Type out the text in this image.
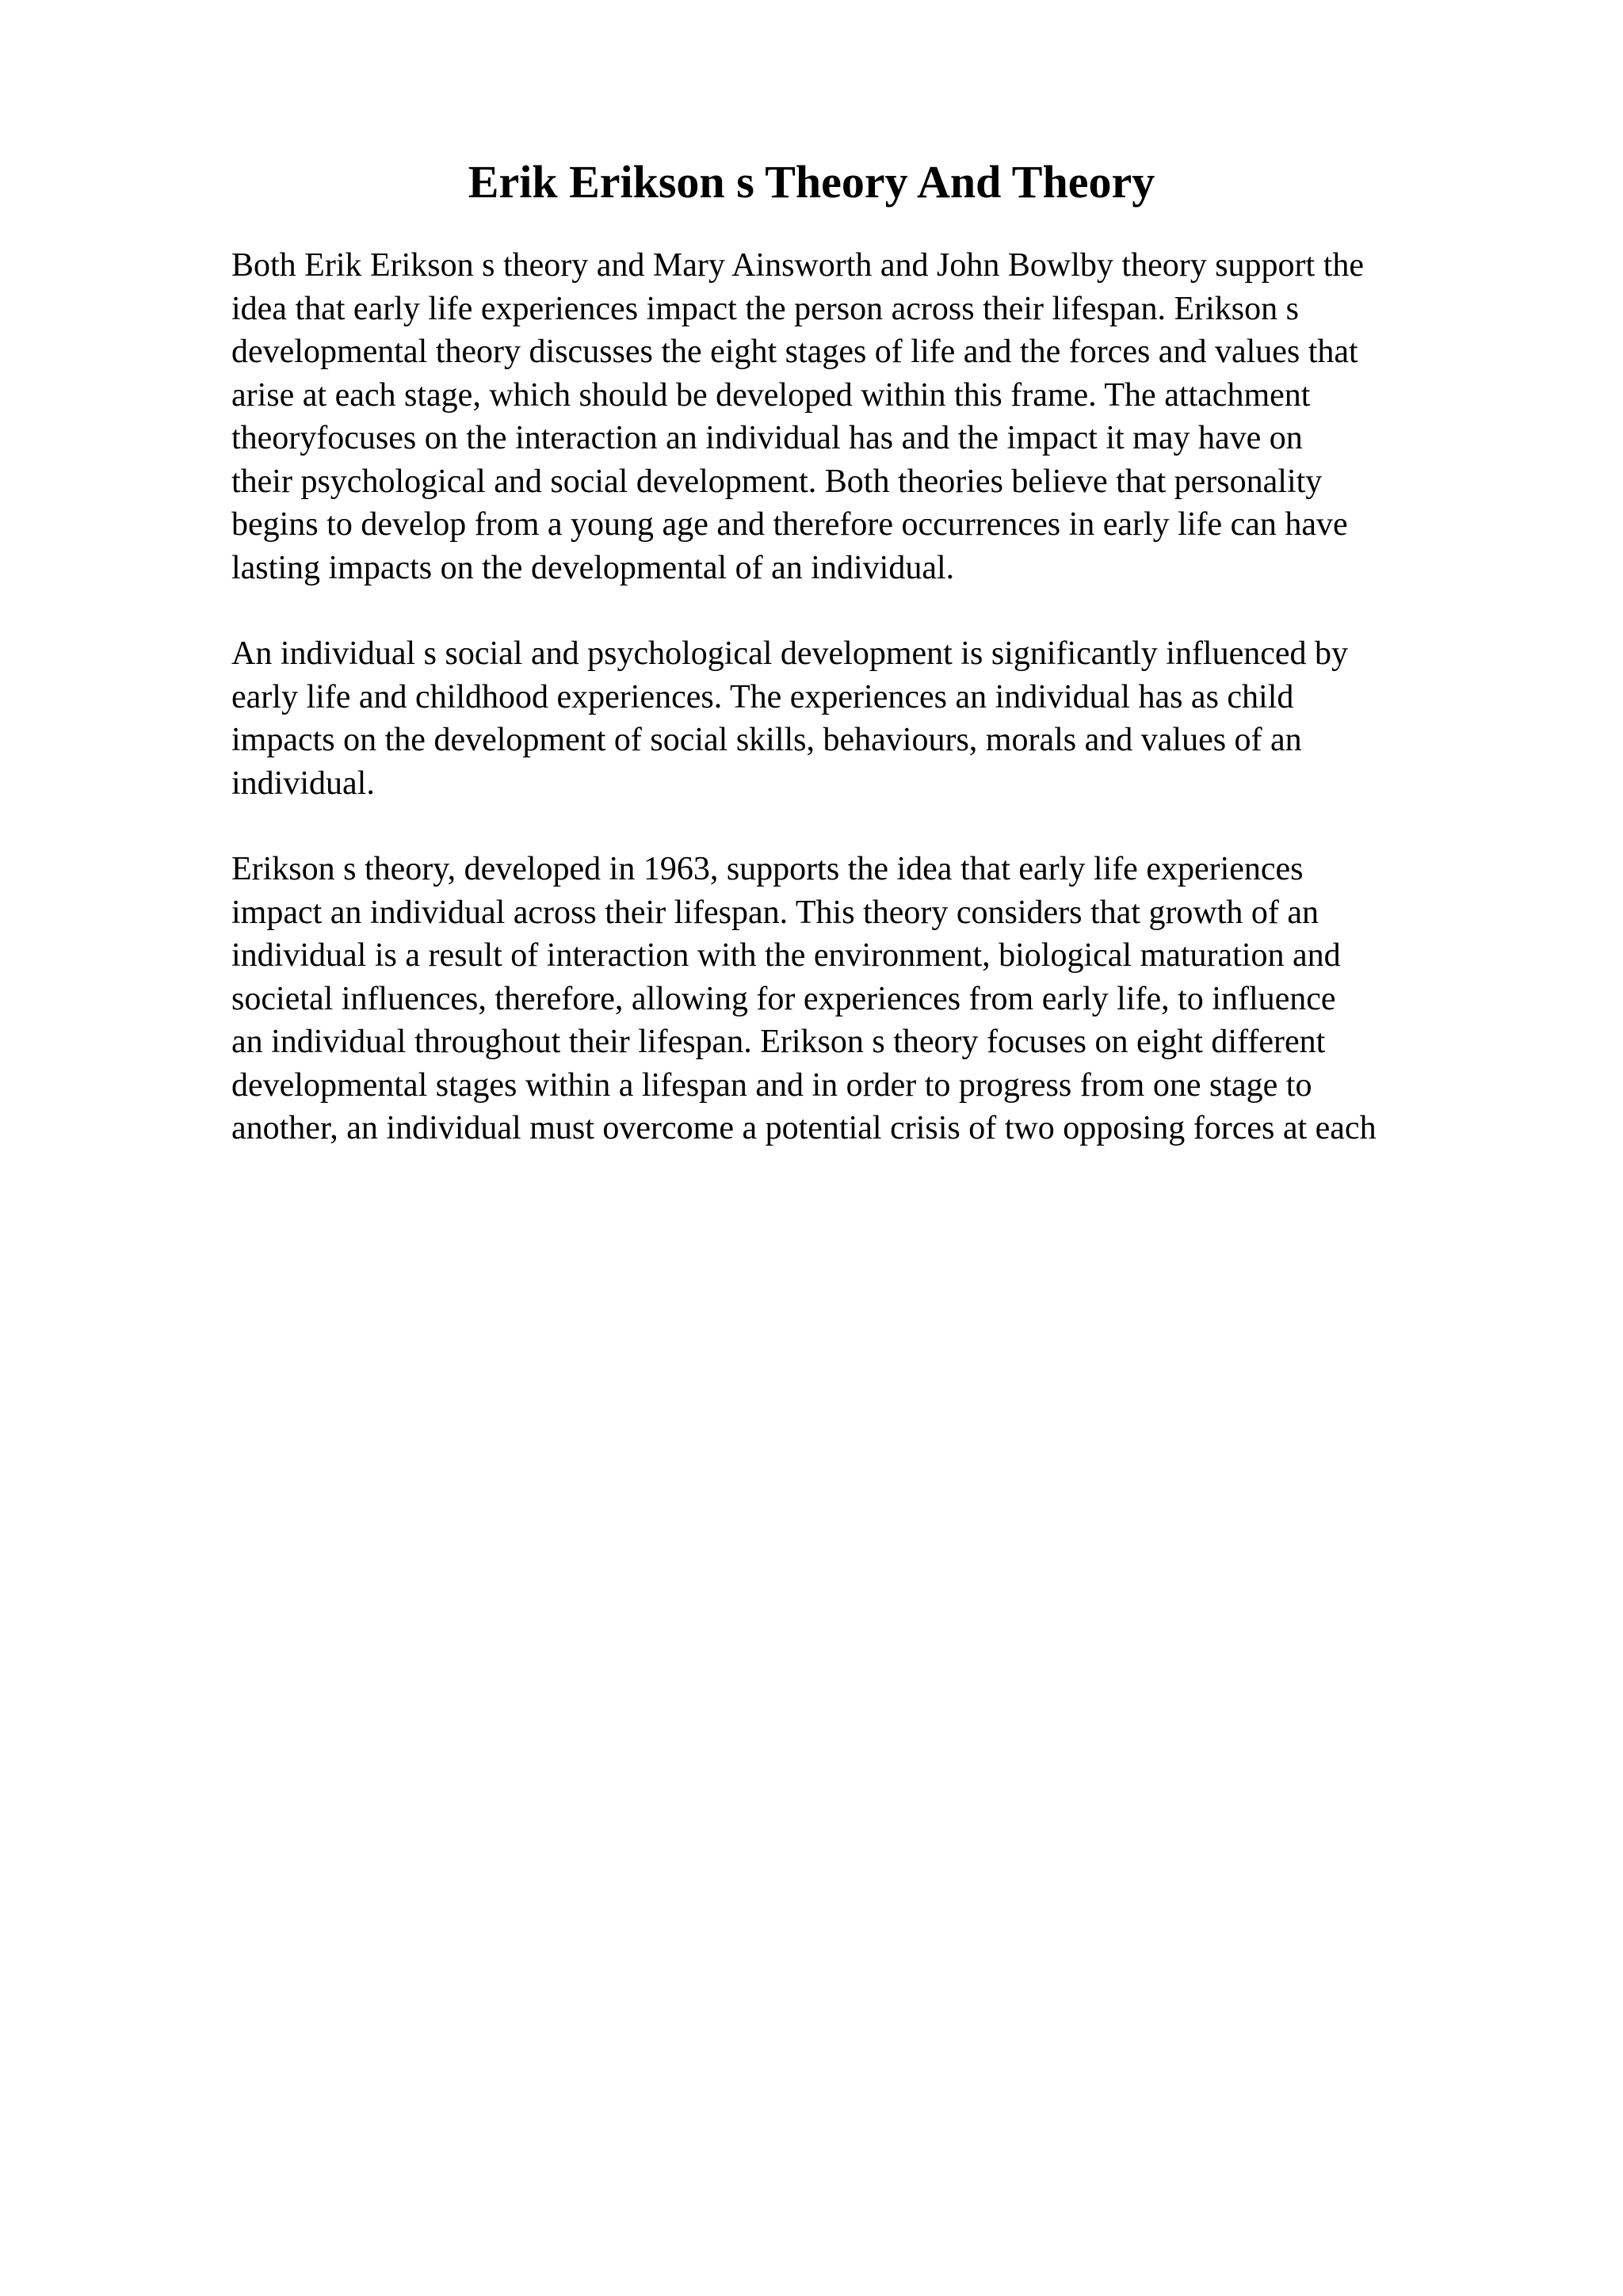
Erik Erikson s Theory And Theory

Both Erik Erikson s theory and Mary Ainsworth and John Bowlby theory support the
idea that early life experiences impact the person across their lifespan. Erikson s
developmental theory discusses the eight stages of life and the forces and values that
arise at each stage, which should be developed within this frame. The attachment
theoryfocuses on the interaction an individual has and the impact it may have on
their psychological and social development. Both theories believe that personality
begins to develop from a young age and therefore occurrences in early life can have
lasting impacts on the developmental of an individual.

An individual s social and psychological development is significantly influenced by
early life and childhood experiences. The experiences an individual has as child
impacts on the development of social skills, behaviours, morals and values of an
individual.

Erikson s theory, developed in 1963, supports the idea that early life experiences
impact an individual across their lifespan. This theory considers that growth of an
individual is a result of interaction with the environment, biological maturation and
societal influences, therefore, allowing for experiences from early life, to influence
an individual throughout their lifespan. Erikson s theory focuses on eight different
developmental stages within a lifespan and in order to progress from one stage to
another, an individual must overcome a potential crisis of two opposing forces at each
